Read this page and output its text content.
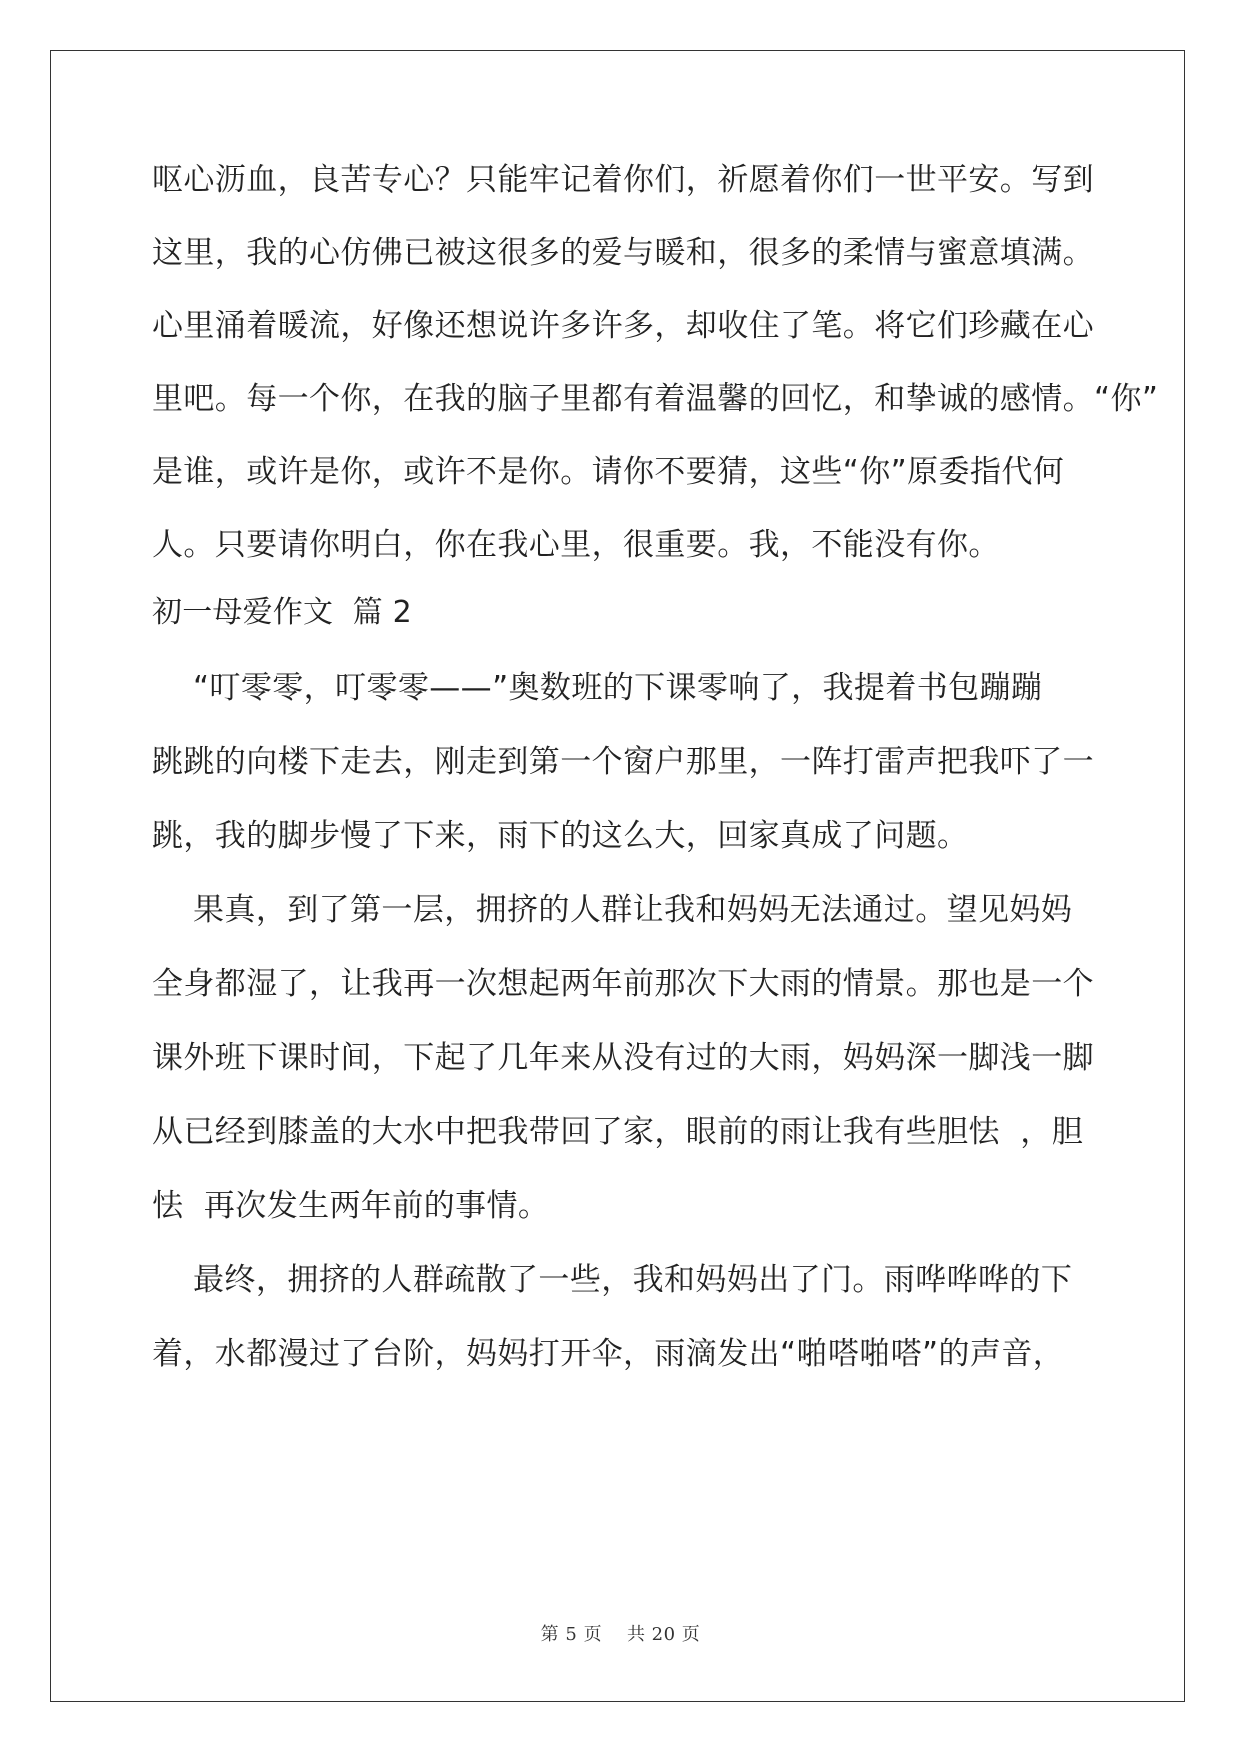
呕心沥血，良苦专心？只能牢记着你们，祈愿着你们一世平安。写到
这里，我的心仿佛已被这很多的爱与暖和，很多的柔情与蜜意填满。
心里涌着暖流，好像还想说许多许多，却收住了笔。将它们珍藏在心
里吧。每一个你，在我的脑子里都有着温馨的回忆，和挚诚的感情。“你”
是谁，或许是你，或许不是你。请你不要猜，这些“你”原委指代何
人。只要请你明白，你在我心里，很重要。我，不能没有你。
初一母爱作文  篇 2
“叮零零，叮零零——”奥数班的下课零响了，我提着书包蹦蹦
跳跳的向楼下走去，刚走到第一个窗户那里，一阵打雷声把我吓了一
跳，我的脚步慢了下来，雨下的这么大，回家真成了问题。
果真，到了第一层，拥挤的人群让我和妈妈无法通过。望见妈妈
全身都湿了，让我再一次想起两年前那次下大雨的情景。那也是一个
课外班下课时间，下起了几年来从没有过的大雨，妈妈深一脚浅一脚
从已经到膝盖的大水中把我带回了家，眼前的雨让我有些胆怯  ，胆
怯  再次发生两年前的事情。
最终，拥挤的人群疏散了一些，我和妈妈出了门。雨哗哗哗的下
着，水都漫过了台阶，妈妈打开伞，雨滴发出“啪嗒啪嗒”的声音，
第 5 页    共 20 页
